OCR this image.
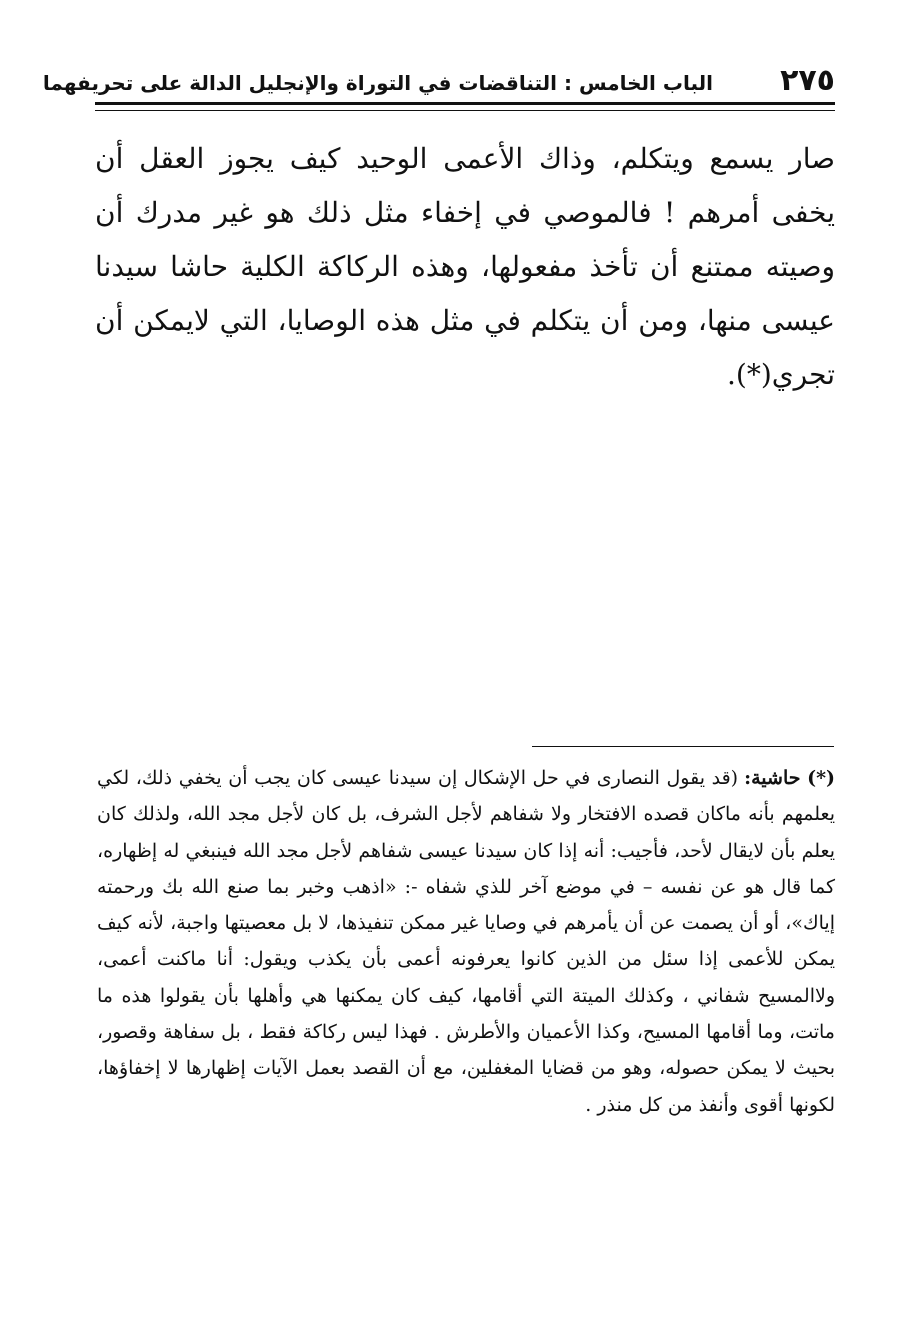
٢٧٥
الباب الخامس : التناقضات في التوراة والإنجليل الدالة على تحريفهما

صار يسمع ويتكلم، وذاك الأعمى الوحيد كيف يجوز العقل أن يخفى أمرهم ! فالموصي في إخفاء مثل ذلك هو غير مدرك أن وصيته ممتنع أن تأخذ مفعولها، وهذه الركاكة الكلية حاشا سيدنا عيسى منها، ومن أن يتكلم في مثل هذه الوصايا، التي لايمكن أن تجري(*).

(*) حاشية:(قد يقول النصارى في حل الإشكال إن سيدنا عيسى كان يجب أن يخفي ذلك، لكي يعلمهم بأنه ماكان قصده الافتخار ولا شفاهم لأجل الشرف، بل كان لأجل مجد الله، ولذلك كان يعلم بأن لايقال لأحد، فأجيب: أنه إذا كان سيدنا عيسى شفاهم لأجل مجد الله فينبغي له إظهاره، كما قال هو عن نفسه – في موضع آخر للذي شفاه -: «اذهب وخبر بما صنع الله بك ورحمته إياك»، أو أن يصمت عن أن يأمرهم في وصايا غير ممكن تنفيذها، لا بل معصيتها واجبة، لأنه كيف يمكن للأعمى إذا سئل من الذين كانوا يعرفونه أعمى بأن يكذب ويقول: أنا ماكنت أعمى، ولاالمسيح شفاني ، وكذلك الميتة التي أقامها، كيف كان يمكنها هي وأهلها بأن يقولوا هذه ما ماتت، وما أقامها المسيح، وكذا الأعميان والأطرش . فهذا ليس ركاكة فقط ، بل سفاهة وقصور، بحيث لا يمكن حصوله، وهو من قضايا المغفلين، مع أن القصد بعمل الآيات إظهارها لا إخفاؤها، لكونها أقوى وأنفذ من كل منذر .
